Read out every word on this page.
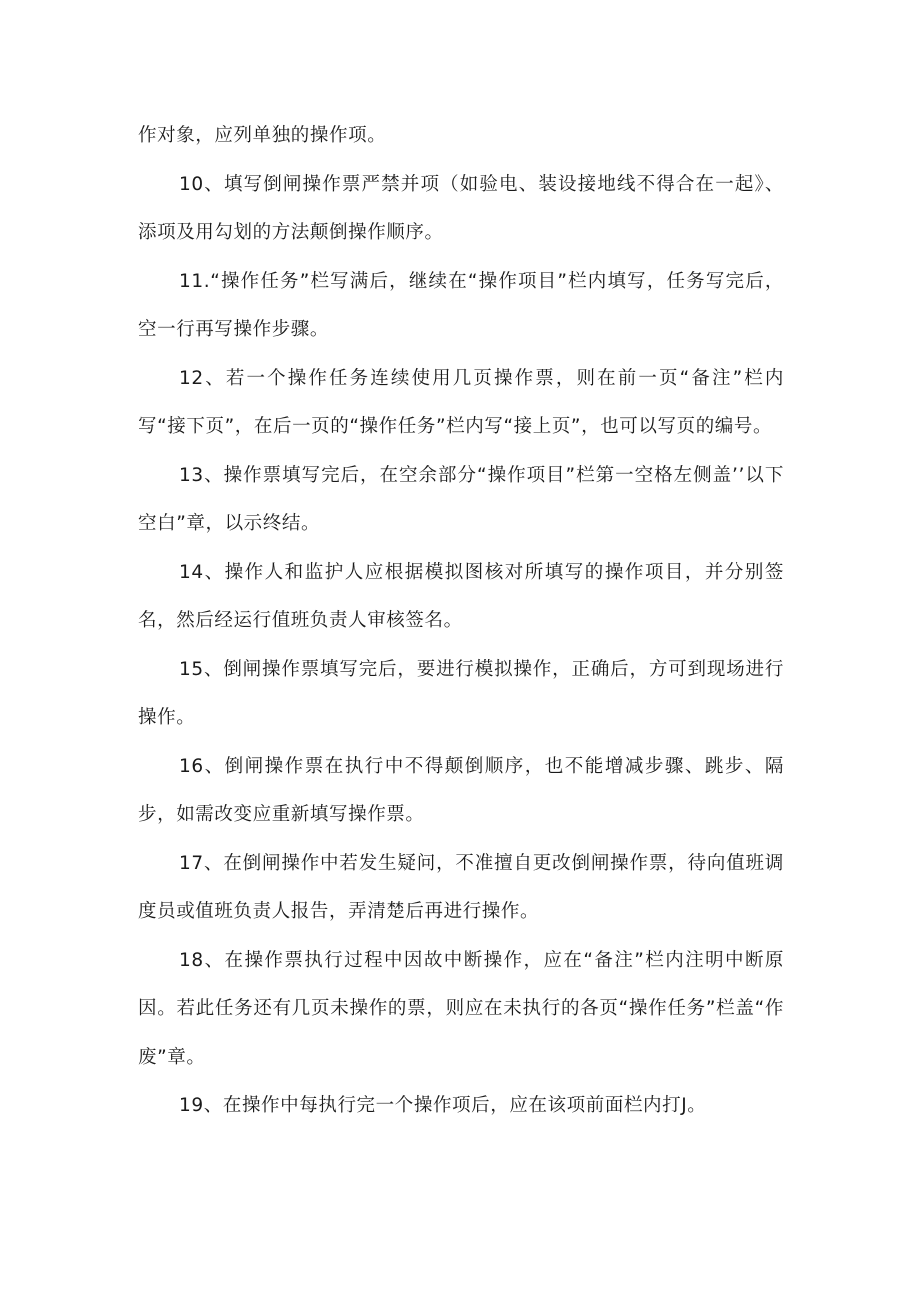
作对象，应列单独的操作项。

10、填写倒闸操作票严禁并项（如验电、装设接地线不得合在一起》、添项及用勾划的方法颠倒操作顺序。

11.“操作任务”栏写满后，继续在“操作项目”栏内填写，任务写完后，空一行再写操作步骤。

12、若一个操作任务连续使用几页操作票，则在前一页“备注”栏内写“接下页”，在后一页的“操作任务”栏内写“接上页”，也可以写页的编号。

13、操作票填写完后，在空余部分“操作项目”栏第一空格左侧盖’’以下空白”章，以示终结。

14、操作人和监护人应根据模拟图核对所填写的操作项目，并分别签名，然后经运行值班负责人审核签名。

15、倒闸操作票填写完后，要进行模拟操作，正确后，方可到现场进行操作。

16、倒闸操作票在执行中不得颠倒顺序，也不能增减步骤、跳步、隔步，如需改变应重新填写操作票。

17、在倒闸操作中若发生疑问，不准擅自更改倒闸操作票，待向值班调度员或值班负责人报告，弄清楚后再进行操作。

18、在操作票执行过程中因故中断操作，应在“备注”栏内注明中断原因。若此任务还有几页未操作的票，则应在未执行的各页“操作任务”栏盖“作废”章。

19、在操作中每执行完一个操作项后，应在该项前面栏内打J。
